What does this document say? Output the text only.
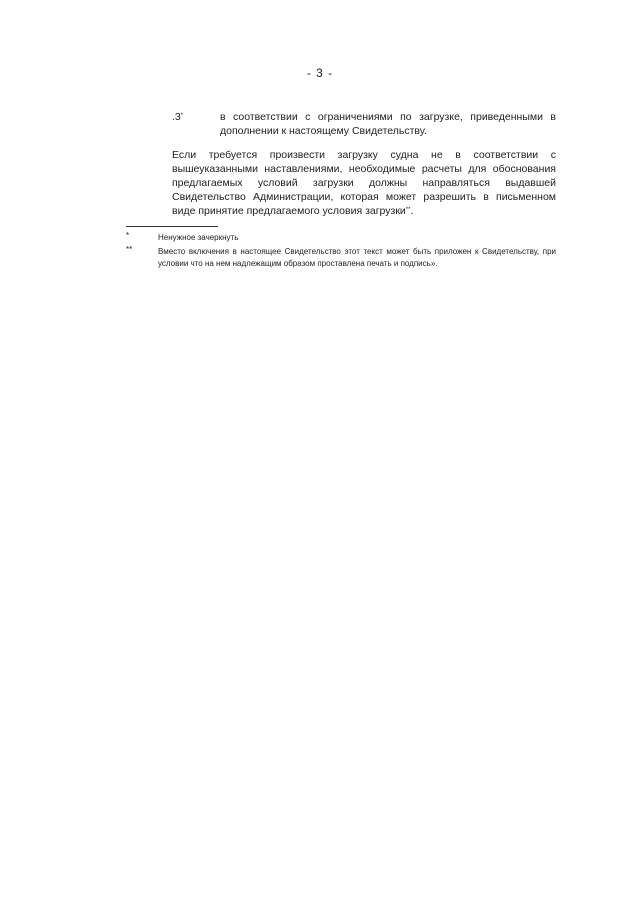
- 3 -
.3*	в соответствии с ограничениями по загрузке, приведенными в дополнении к настоящему Свидетельству.
Если требуется произвести загрузку судна не в соответствии с вышеуказанными наставлениями, необходимые расчеты для обоснования предлагаемых условий загрузки должны направляться выдавшей Свидетельство Администрации, которая может разрешить в письменном виде принятие предлагаемого условия загрузки**.
*	Ненужное зачеркнуть
**	Вместо включения в настоящее Свидетельство этот текст может быть приложен к Свидетельству, при условии что на нем надлежащим образом проставлена печать и подпись».
